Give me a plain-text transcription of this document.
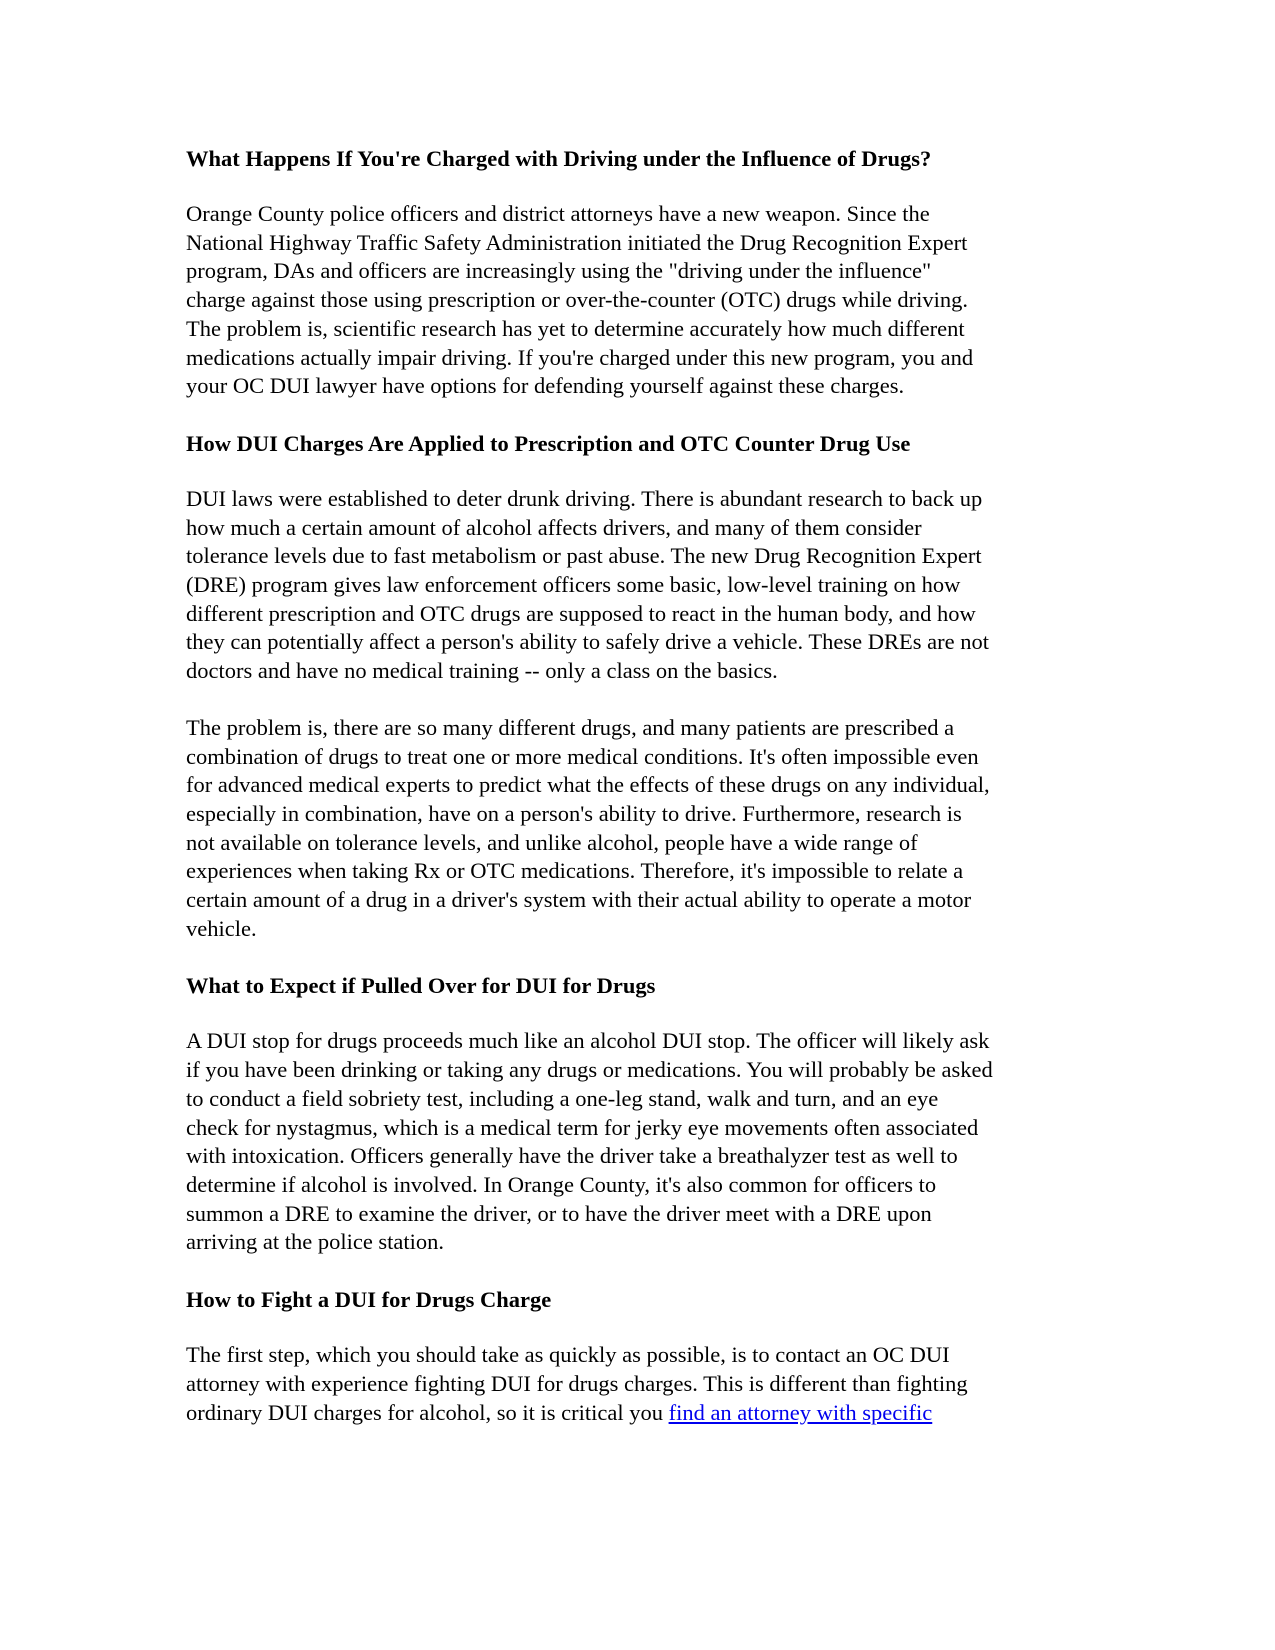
What Happens If You're Charged with Driving under the Influence of Drugs?
Orange County police officers and district attorneys have a new weapon. Since the
National Highway Traffic Safety Administration initiated the Drug Recognition Expert
program, DAs and officers are increasingly using the "driving under the influence"
charge against those using prescription or over-the-counter (OTC) drugs while driving.
The problem is, scientific research has yet to determine accurately how much different
medications actually impair driving. If you're charged under this new program, you and
your OC DUI lawyer have options for defending yourself against these charges.
How DUI Charges Are Applied to Prescription and OTC Counter Drug Use
DUI laws were established to deter drunk driving. There is abundant research to back up
how much a certain amount of alcohol affects drivers, and many of them consider
tolerance levels due to fast metabolism or past abuse. The new Drug Recognition Expert
(DRE) program gives law enforcement officers some basic, low-level training on how
different prescription and OTC drugs are supposed to react in the human body, and how
they can potentially affect a person's ability to safely drive a vehicle. These DREs are not
doctors and have no medical training -- only a class on the basics.
The problem is, there are so many different drugs, and many patients are prescribed a
combination of drugs to treat one or more medical conditions. It's often impossible even
for advanced medical experts to predict what the effects of these drugs on any individual,
especially in combination, have on a person's ability to drive. Furthermore, research is
not available on tolerance levels, and unlike alcohol, people have a wide range of
experiences when taking Rx or OTC medications. Therefore, it's impossible to relate a
certain amount of a drug in a driver's system with their actual ability to operate a motor
vehicle.
What to Expect if Pulled Over for DUI for Drugs
A DUI stop for drugs proceeds much like an alcohol DUI stop. The officer will likely ask
if you have been drinking or taking any drugs or medications. You will probably be asked
to conduct a field sobriety test, including a one-leg stand, walk and turn, and an eye
check for nystagmus, which is a medical term for jerky eye movements often associated
with intoxication. Officers generally have the driver take a breathalyzer test as well to
determine if alcohol is involved. In Orange County, it's also common for officers to
summon a DRE to examine the driver, or to have the driver meet with a DRE upon
arriving at the police station.
How to Fight a DUI for Drugs Charge
The first step, which you should take as quickly as possible, is to contact an OC DUI
attorney with experience fighting DUI for drugs charges. This is different than fighting
ordinary DUI charges for alcohol, so it is critical you find an attorney with specific
